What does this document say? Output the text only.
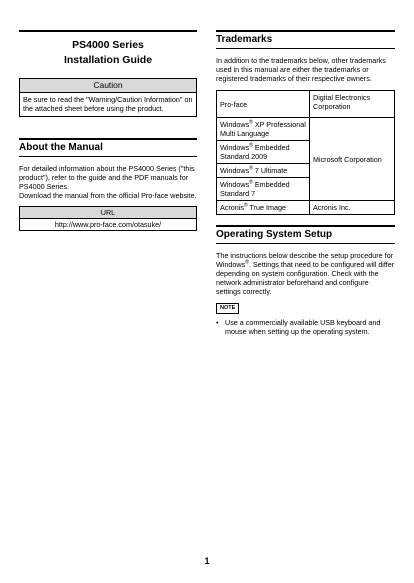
PS4000 Series
Installation Guide
Caution
Be sure to read the "Warning/Caution Information" on the attached sheet before using the product.
About the Manual

For detailed information about the PS4000 Series ("this product"), refer to the guide and the PDF manuals for PS4000 Series.

Download the manual from the official Pro-face website.

URL
http://www.pro-face.com/otasuke/
Trademarks

In addition to the trademarks below, other trademarks used in this manual are either the trademarks or registered trademarks of their respective owners.

Pro-face	Digital Electronics Corporation
Windows® XP Professional Multi Language	Microsoft Corporation
Windows® Embedded Standard 2009	
Windows® 7 Ultimate	
Windows® Embedded Standard 7	
Acronis® True Image	Acronis Inc.
Operating System Setup

The instructions below describe the setup procedure for Windows®. Settings that need to be configured will differ depending on system configuration. Check with the network administrator beforehand and configure settings correctly.

NOTE
• Use a commercially available USB keyboard and mouse when setting up the operating system.
1
